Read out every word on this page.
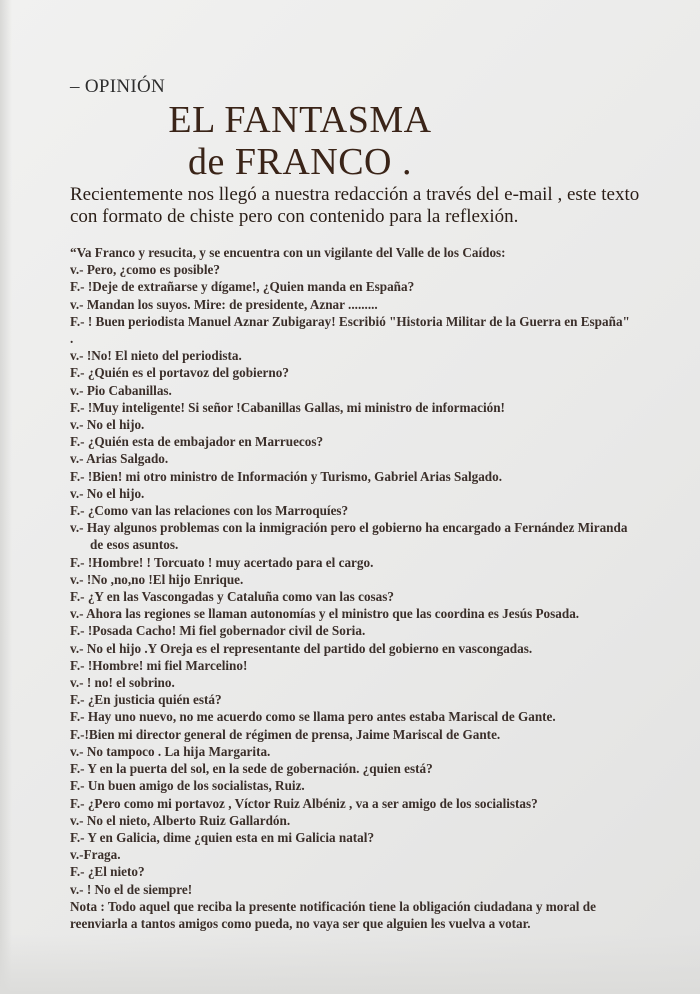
– OPINIÓN
EL FANTASMA
de FRANCO .
Recientemente nos llegó a nuestra redacción a través del e-mail , este texto
con formato de chiste pero con contenido para la reflexión.
“Va Franco y resucita, y se encuentra con un vigilante del Valle de los Caídos:
v.- Pero, ¿como es posible?
F.- !Deje de extrañarse y dígame!, ¿Quien manda en España?
v.- Mandan los suyos. Mire: de presidente, Aznar .........
F.- ! Buen periodista Manuel Aznar Zubigaray! Escribió "Historia Militar de la Guerra en España" .
v.- !No! El nieto del periodista.
F.- ¿Quién es el portavoz del gobierno?
v.- Pio Cabanillas.
F.- !Muy inteligente! Si señor !Cabanillas Gallas, mi ministro de información!
v.- No el hijo.
F.- ¿Quién esta de embajador en Marruecos?
v.- Arias Salgado.
F.- !Bien! mi otro ministro de Información y Turismo, Gabriel Arias Salgado.
v.- No el hijo.
F.- ¿Como van las relaciones con los Marroquíes?
v.- Hay algunos problemas con la inmigración pero el gobierno ha encargado a Fernández Miranda
de esos asuntos.
F.- !Hombre! ! Torcuato ! muy acertado para el cargo.
v.- !No ,no,no !El hijo Enrique.
F.- ¿Y en las Vascongadas y Cataluña como van las cosas?
v.- Ahora las regiones se llaman autonomías y el ministro que las coordina es Jesús Posada.
F.- !Posada Cacho! Mi fiel gobernador civil de Soria.
v.- No el hijo .Y Oreja es el representante del partido del gobierno en vascongadas.
F.- !Hombre! mi fiel Marcelino!
v.- ! no! el sobrino.
F.- ¿En justicia quién está?
F.- Hay uno nuevo, no me acuerdo como se llama pero antes estaba Mariscal de Gante.
F.-!Bien mi director general de régimen de prensa, Jaime Mariscal de Gante.
v.- No tampoco . La hija Margarita.
F.- Y en la puerta del sol, en la sede de gobernación. ¿quien está?
F.- Un buen amigo de los socialistas, Ruiz.
F.- ¿Pero como mi portavoz , Víctor Ruiz Albéniz , va a ser amigo de los socialistas?
v.- No el nieto, Alberto Ruiz Gallardón.
F.- Y en Galicia, dime ¿quien esta en mi Galicia natal?
v.-Fraga.
F.- ¿El nieto?
v.- ! No el de siempre!
Nota : Todo aquel que reciba la presente notificación tiene la obligación ciudadana y moral de
reenviarla a tantos amigos como pueda, no vaya ser que alguien les vuelva a votar.
